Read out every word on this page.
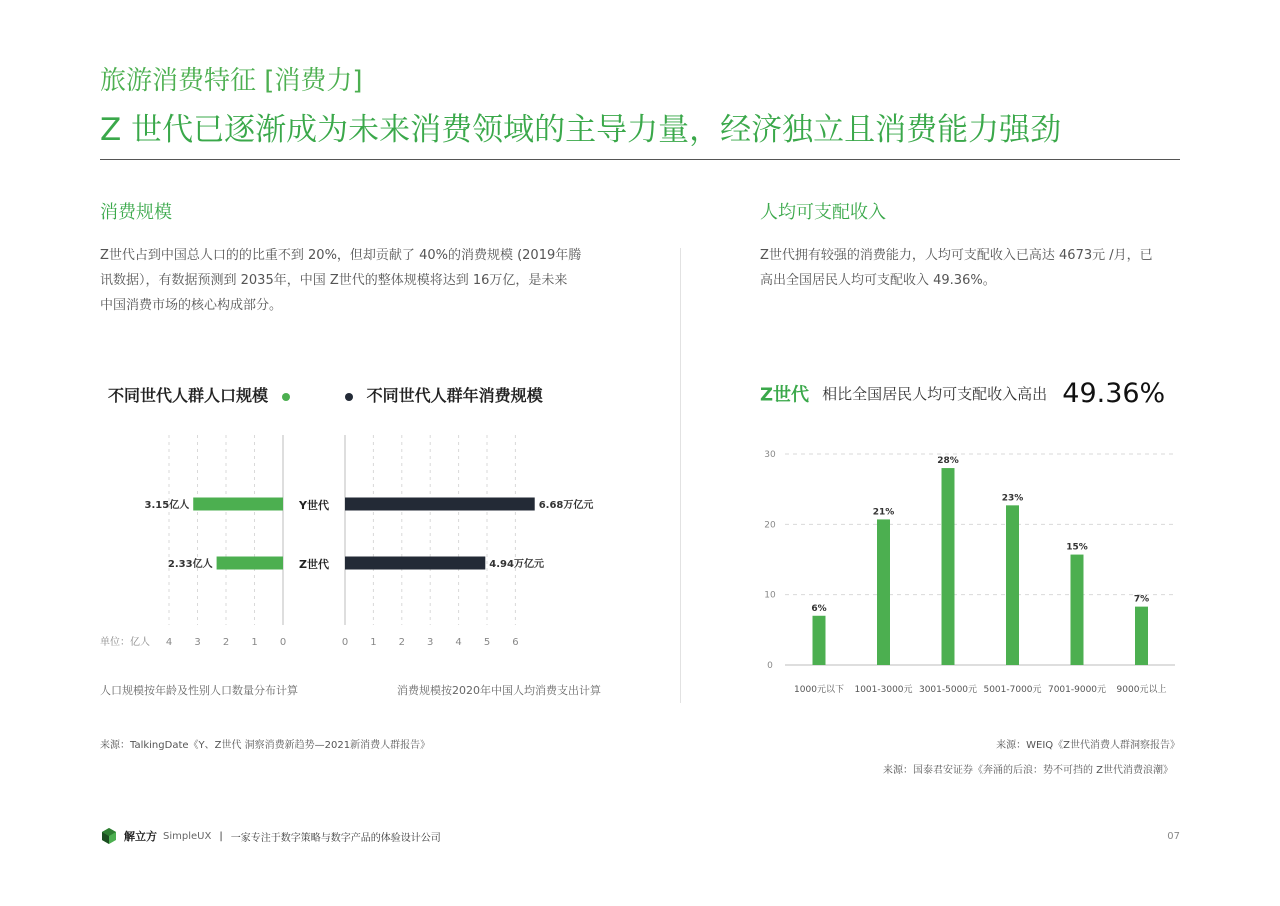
旅游消费特征 [消费力]
Z 世代已逐渐成为未来消费领域的主导力量，经济独立且消费能力强劲
消费规模
Z世代占到中国总人口的的比重不到 20%，但却贡献了 40%的消费规模 (2019年腾
讯数据），有数据预测到 2035年，中国 Z世代的整体规模将达到 16万亿，是未来
中国消费市场的核心构成部分。
不同世代人群人口规模	不同世代人群年消费规模
3.15亿人	6.68万亿元
Y世代
2.33亿人	4.94万亿元
Z世代
4 3 2 1 0	0 1 2 3 4 5 6
单位：亿人
人口规模按年龄及性别人口数量分布计算	消费规模按2020年中国人均消费支出计算
来源：TalkingDate《Y、Z世代 洞察消费新趋势—2021新消费人群报告》
人均可支配收入
Z世代拥有较强的消费能力，人均可支配收入已高达 4673元 /月，已
高出全国居民人均可支配收入 49.36%。
Z世代 相比全国居民人均可支配收入高出 49.36%
0
10
20
30
6%
1000元以下
21%
1001-3000元
28%
3001-5000元
23%
5001-7000元
15%
7001-9000元
7%
9000元以上
来源：WEIQ《Z世代消费人群洞察报告》
来源：国泰君安证券《奔涌的后浪：势不可挡的 Z世代消费浪潮》
解立方 SimpleUX | 一家专注于数字策略与数字产品的体验设计公司	07
